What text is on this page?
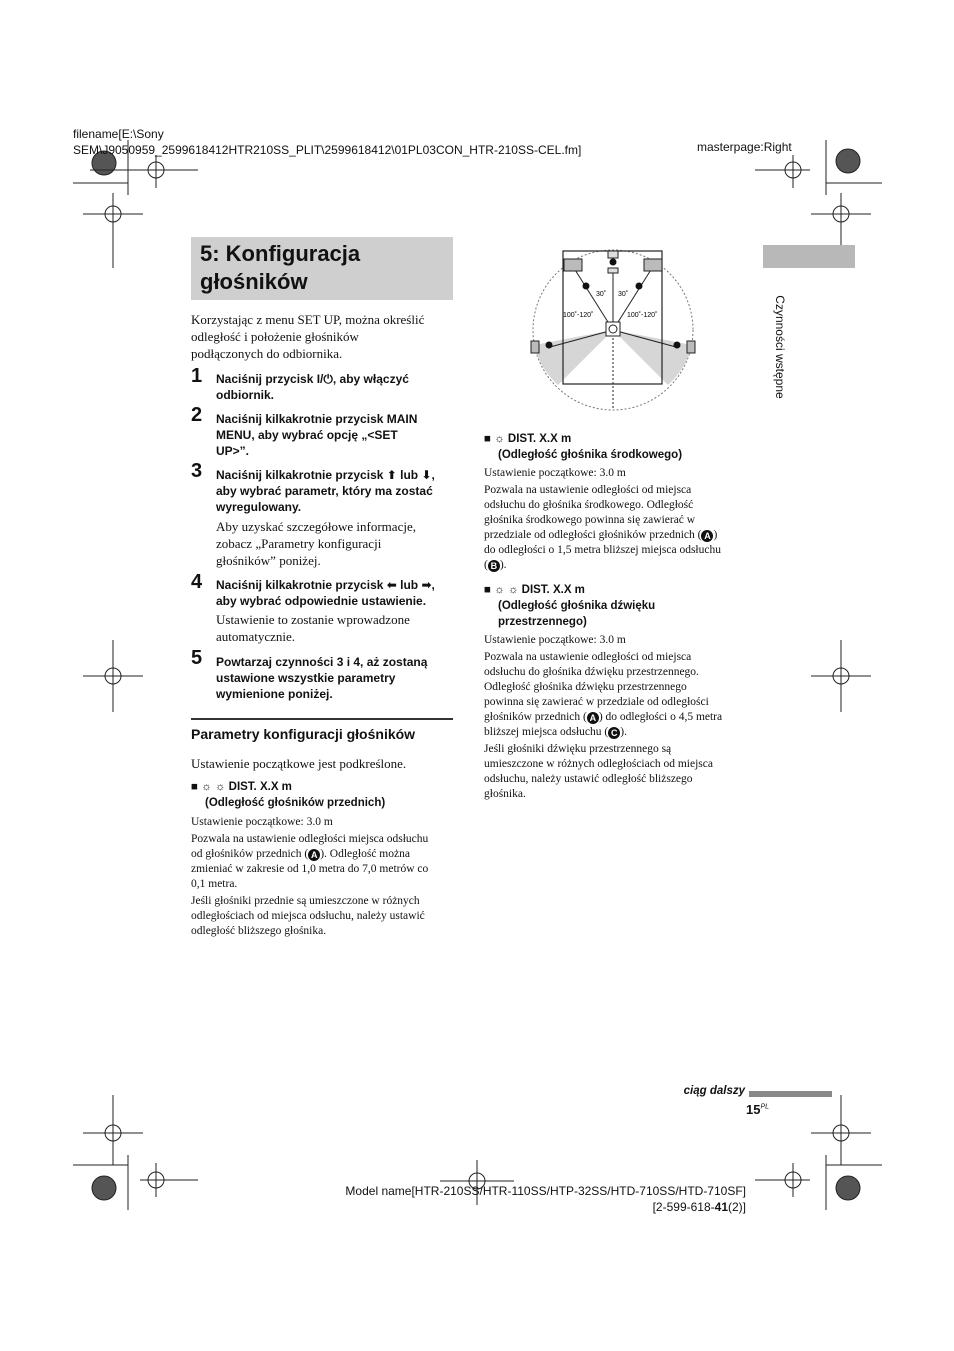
filename[E:\Sony
SEM\J9050959_2599618412HTR210SS_PLIT\2599618412\01PL03CON_HTR-210SS-CEL.fm]	masterpage:Right
5: Konfiguracja
głośników
Korzystając z menu SET UP, można określić
odległość i położenie głośników
podłączonych do odbiornika.
1	Naciśnij przycisk I/⏻, aby włączyć
odbiornik.
2	Naciśnij kilkakrotnie przycisk MAIN
MENU, aby wybrać opcję „<SET
UP>”.
3	Naciśnij kilkakrotnie przycisk ⬆ lub ⬇,
aby wybrać parametr, który ma zostać
wyregulowany.
Aby uzyskać szczegółowe informacje,
zobacz „Parametry konfiguracji
głośników” poniżej.
4	Naciśnij kilkakrotnie przycisk ⬅ lub ➡,
aby wybrać odpowiednie ustawienie.
Ustawienie to zostanie wprowadzone
automatycznie.
5	Powtarzaj czynności 3 i 4, aż zostaną
ustawione wszystkie parametry
wymienione poniżej.
Parametry konfiguracji głośników
Ustawienie początkowe jest podkreślone.
■ ☼ ☼ DIST. X.X m
(Odległość głośników przednich)
Ustawienie początkowe: 3.0 m
Pozwala na ustawienie odległości miejsca odsłuchu
od głośników przednich ( A ). Odległość można
zmieniać w zakresie od 1,0 metra do 7,0 metrów co
0,1 metra.
Jeśli głośniki przednie są umieszczone w różnych
odległościach od miejsca odsłuchu, należy ustawić
odległość bliższego głośnika.
30˚ 30˚
100˚-120˚	100˚-120˚
■ ☼ DIST. X.X m
(Odległość głośnika środkowego)
Ustawienie początkowe: 3.0 m
Pozwala na ustawienie odległości od miejsca
odsłuchu do głośnika środkowego. Odległość
głośnika środkowego powinna się zawierać w
przedziale od odległości głośników przednich ( A )
do odległości o 1,5 metra bliższej miejsca odsłuchu
( B ).
■ ☼ ☼ DIST. X.X m
(Odległość głośnika dźwięku
przestrzennego)
Ustawienie początkowe: 3.0 m
Pozwala na ustawienie odległości od miejsca
odsłuchu do głośnika dźwięku przestrzennego.
Odległość głośnika dźwięku przestrzennego
powinna się zawierać w przedziale od odległości
głośników przednich ( A ) do odległości o 4,5 metra
bliższej miejsca odsłuchu ( C ).
Jeśli głośniki dźwięku przestrzennego są
umieszczone w różnych odległościach od miejsca
odsłuchu, należy ustawić odległość bliższego
głośnika.
Czynności wstępne
ciąg dalszy
$15^{PL}$
Model name[HTR-210SS/HTR-110SS/HTP-32SS/HTD-710SS/HTD-710SF]
[2-599-618-41(2)]
